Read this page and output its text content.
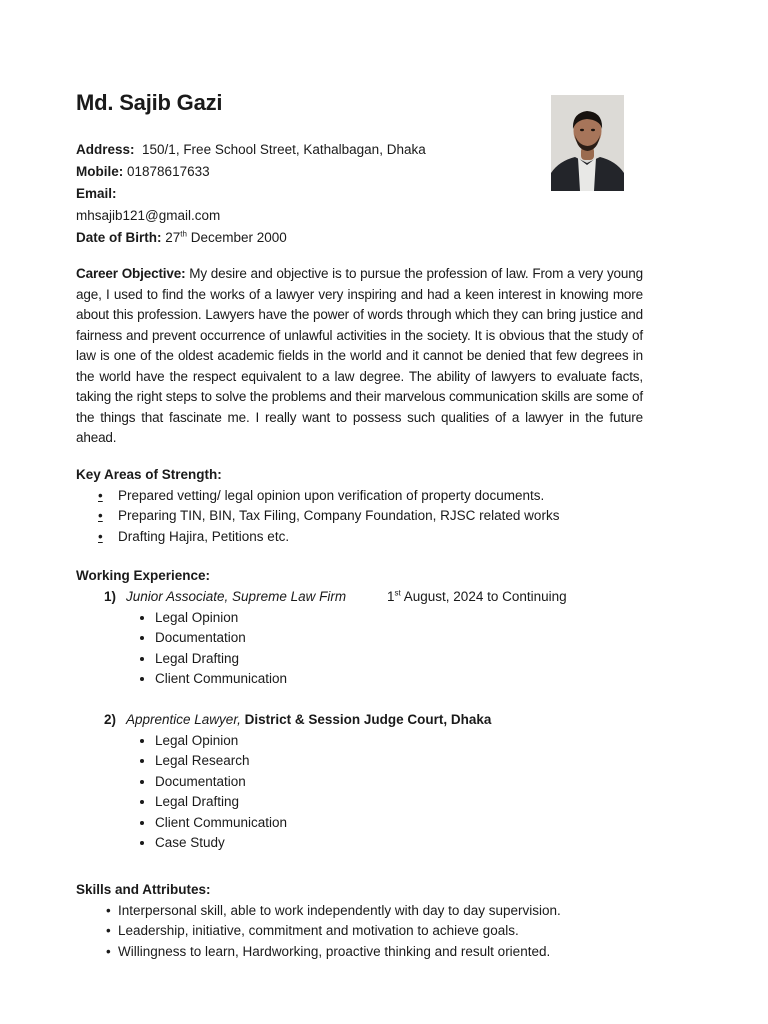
Md. Sajib Gazi
Address: 150/1, Free School Street, Kathalbagan, Dhaka
Mobile: 01878617633
Email:
mhsajib121@gmail.com
Date of Birth: 27th December 2000

Career Objective: My desire and objective is to pursue the profession of law. From a very young age, I used to find the works of a lawyer very inspiring and had a keen interest in knowing more about this profession. Lawyers have the power of words through which they can bring justice and fairness and prevent occurrence of unlawful activities in the society. It is obvious that the study of law is one of the oldest academic fields in the world and it cannot be denied that few degrees in the world have the respect equivalent to a law degree. The ability of lawyers to evaluate facts, taking the right steps to solve the problems and their marvelous communication skills are some of the things that fascinate me. I really want to possess such qualities of a lawyer in the future ahead.

Key Areas of Strength:

• Prepared vetting/ legal opinion upon verification of property documents.
• Preparing TIN, BIN, Tax Filing, Company Foundation, RJSC related works
• Drafting Hajira, Petitions etc.

Working Experience:

1) Junior Associate, Supreme Law Firm	1st August, 2024 to Continuing
• Legal Opinion
• Documentation
• Legal Drafting
• Client Communication
2) Apprentice Lawyer, District & Session Judge Court, Dhaka
• Legal Opinion
• Legal Research
• Documentation
• Legal Drafting
• Client Communication
• Case Study

Skills and Attributes:

• Interpersonal skill, able to work independently with day to day supervision.
• Leadership, initiative, commitment and motivation to achieve goals.
• Willingness to learn, Hardworking, proactive thinking and result oriented.
